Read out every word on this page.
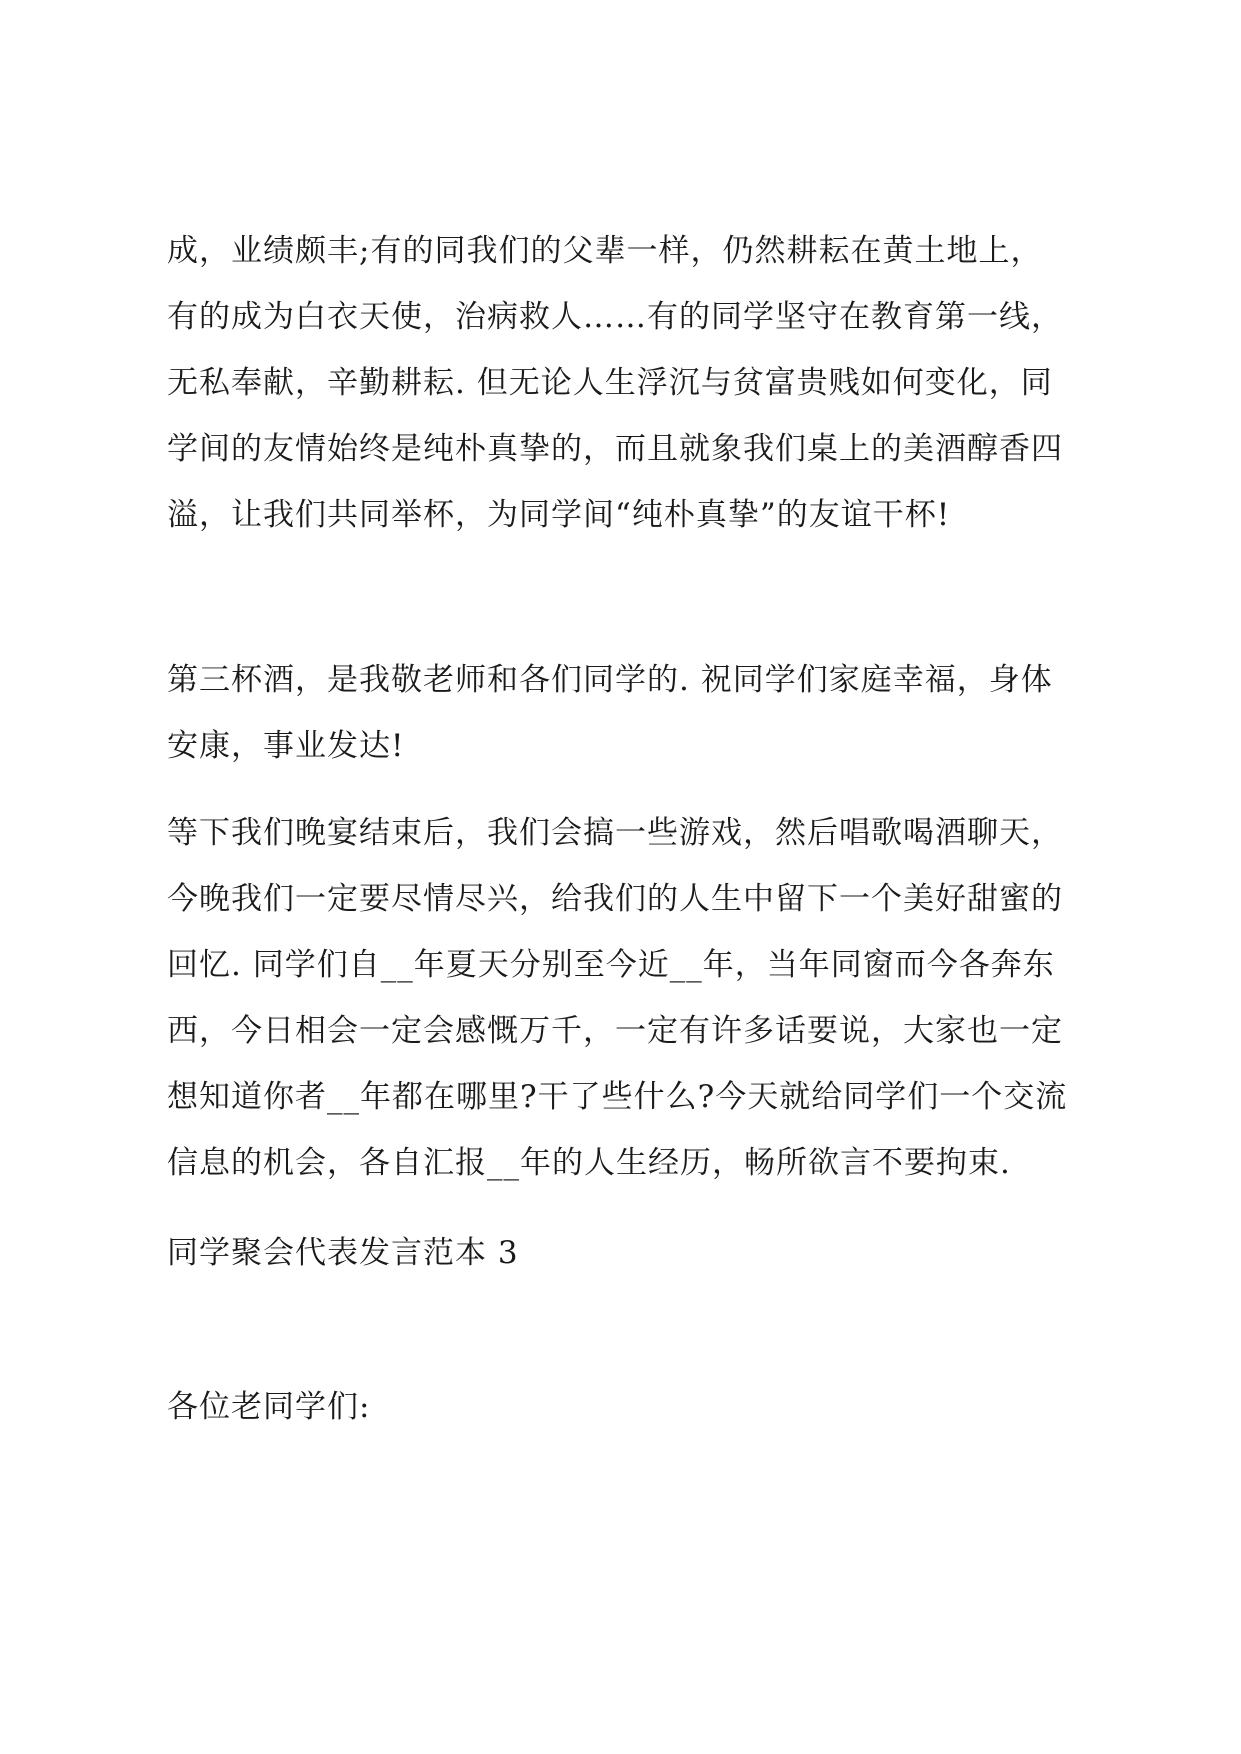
成，业绩颇丰;有的同我们的父辈一样，仍然耕耘在黄土地上，
有的成为白衣天使，治病救人……有的同学坚守在教育第一线，
无私奉献，辛勤耕耘. 但无论人生浮沉与贫富贵贱如何变化，同
学间的友情始终是纯朴真挚的，而且就象我们桌上的美酒醇香四
溢，让我们共同举杯，为同学间“纯朴真挚”的友谊干杯!

第三杯酒，是我敬老师和各们同学的. 祝同学们家庭幸福，身体
安康，事业发达!

等下我们晚宴结束后，我们会搞一些游戏，然后唱歌喝酒聊天，
今晚我们一定要尽情尽兴，给我们的人生中留下一个美好甜蜜的
回忆. 同学们自__年夏天分别至今近__年，当年同窗而今各奔东
西，今日相会一定会感慨万千，一定有许多话要说，大家也一定
想知道你者__年都在哪里?干了些什么?今天就给同学们一个交流
信息的机会，各自汇报__年的人生经历，畅所欲言不要拘束.

同学聚会代表发言范本 3

各位老同学们:
